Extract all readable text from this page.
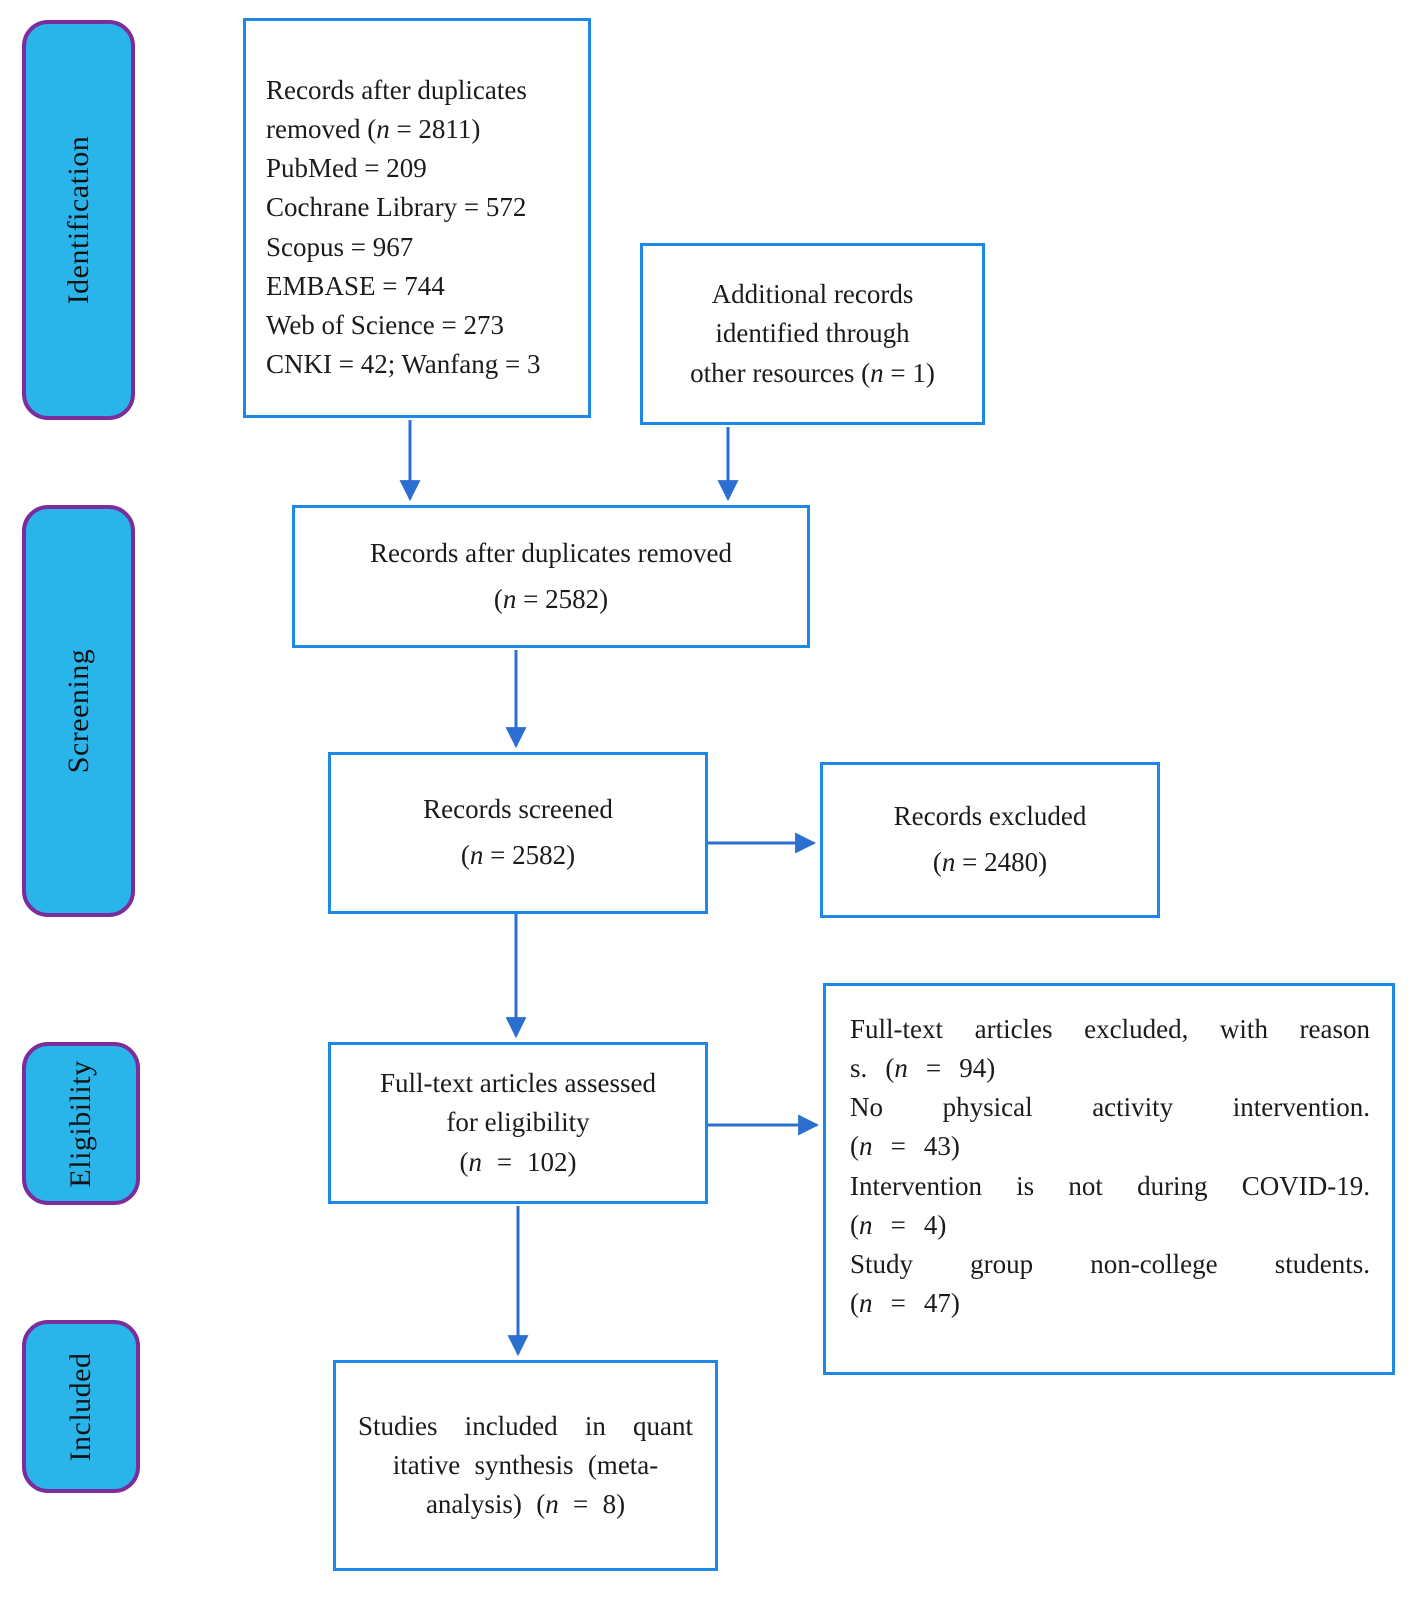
Identification
Screening
Eligibility
Included
Records after duplicates
removed (n = 2811)
PubMed = 209
Cochrane Library = 572
Scopus = 967
EMBASE = 744
Web of Science = 273
CNKI = 42; Wanfang = 3
Additional records
identified through
other resources (n = 1)
Records after duplicates removed
(n = 2582)
Records screened
(n = 2582)
Records excluded
(n = 2480)
Full-text articles assessed
for eligibility
(n = 102)
Full-text articles excluded, with reason
s. (n = 94)
No physical activity intervention.
(n = 43)
Intervention is not during COVID-19.
(n = 4)
Study group non-college students.
(n = 47)
Studies included in quant
itative synthesis (meta-
analysis) (n = 8)
